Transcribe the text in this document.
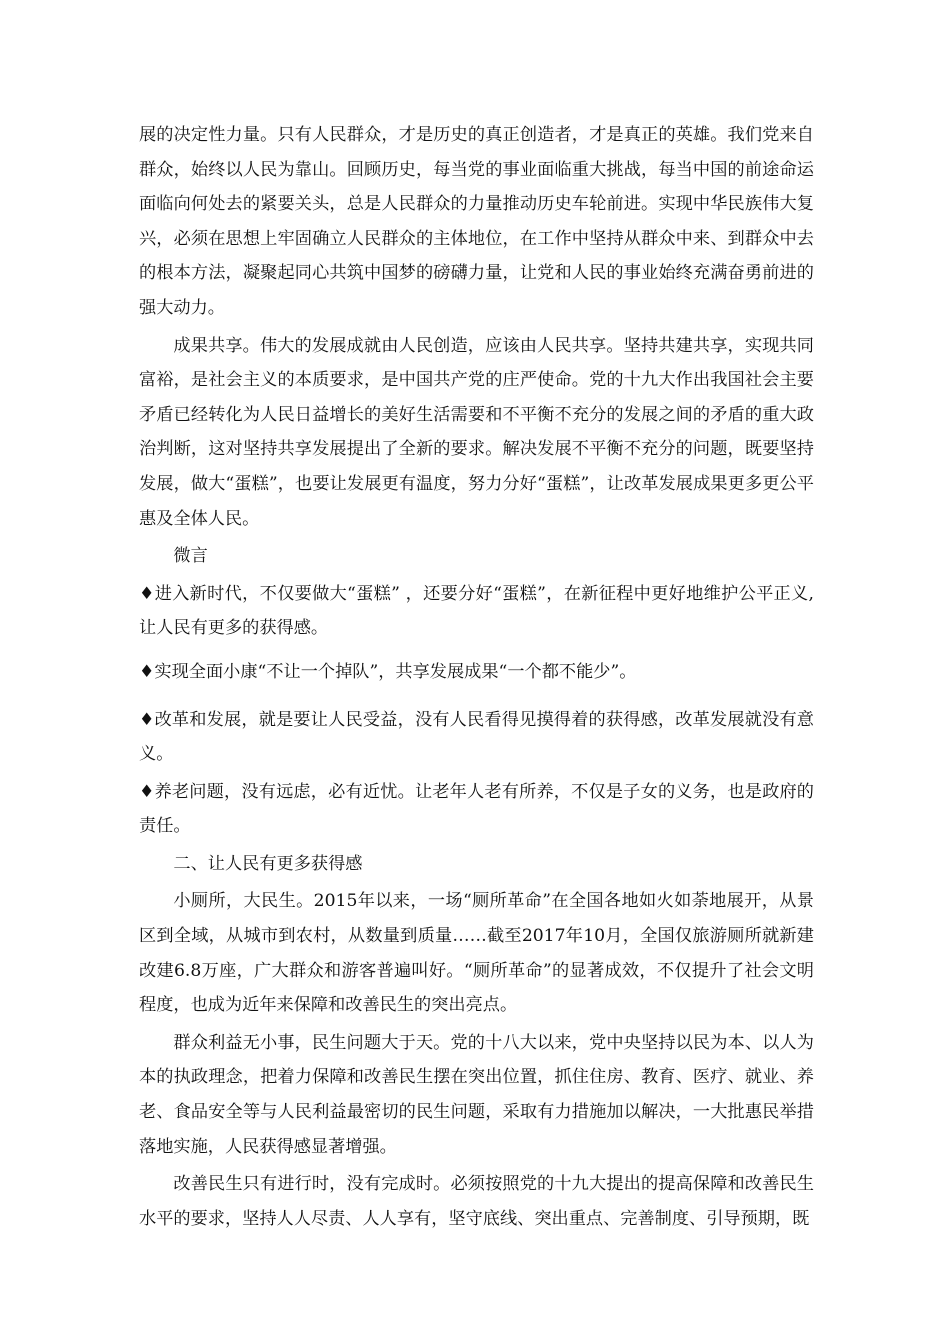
展的决定性力量。只有人民群众，才是历史的真正创造者，才是真正的英雄。我们党来自群众，始终以人民为靠山。回顾历史，每当党的事业面临重大挑战，每当中国的前途命运面临向何处去的紧要关头，总是人民群众的力量推动历史车轮前进。实现中华民族伟大复兴，必须在思想上牢固确立人民群众的主体地位，在工作中坚持从群众中来、到群众中去的根本方法，凝聚起同心共筑中国梦的磅礴力量，让党和人民的事业始终充满奋勇前进的强大动力。

成果共享。伟大的发展成就由人民创造，应该由人民共享。坚持共建共享，实现共同富裕，是社会主义的本质要求，是中国共产党的庄严使命。党的十九大作出我国社会主要矛盾已经转化为人民日益增长的美好生活需要和不平衡不充分的发展之间的矛盾的重大政治判断，这对坚持共享发展提出了全新的要求。解决发展不平衡不充分的问题，既要坚持发展，做大“蛋糕”，也要让发展更有温度，努力分好“蛋糕”，让改革发展成果更多更公平惠及全体人民。

微言

♦进入新时代，不仅要做大“蛋糕” ，还要分好“蛋糕”，在新征程中更好地维护公平正义,让人民有更多的获得感。

♦实现全面小康“不让一个掉队”，共享发展成果“一个都不能少”。

♦改革和发展，就是要让人民受益，没有人民看得见摸得着的获得感，改革发展就没有意义。

♦养老问题，没有远虑，必有近忧。让老年人老有所养，不仅是子女的义务，也是政府的责任。

二、让人民有更多获得感

小厕所，大民生。2015年以来，一场“厕所革命”在全国各地如火如荼地展开，从景区到全域，从城市到农村，从数量到质量……截至2017年10月，全国仅旅游厕所就新建改建6.8万座，广大群众和游客普遍叫好。“厕所革命”的显著成效，不仅提升了社会文明程度，也成为近年来保障和改善民生的突出亮点。

群众利益无小事，民生问题大于天。党的十八大以来，党中央坚持以民为本、以人为本的执政理念，把着力保障和改善民生摆在突出位置，抓住住房、教育、医疗、就业、养老、食品安全等与人民利益最密切的民生问题，采取有力措施加以解决，一大批惠民举措落地实施，人民获得感显著增强。

改善民生只有进行时，没有完成时。必须按照党的十九大提出的提高保障和改善民生水平的要求，坚持人人尽责、人人享有，坚守底线、突出重点、完善制度、引导预期，既
